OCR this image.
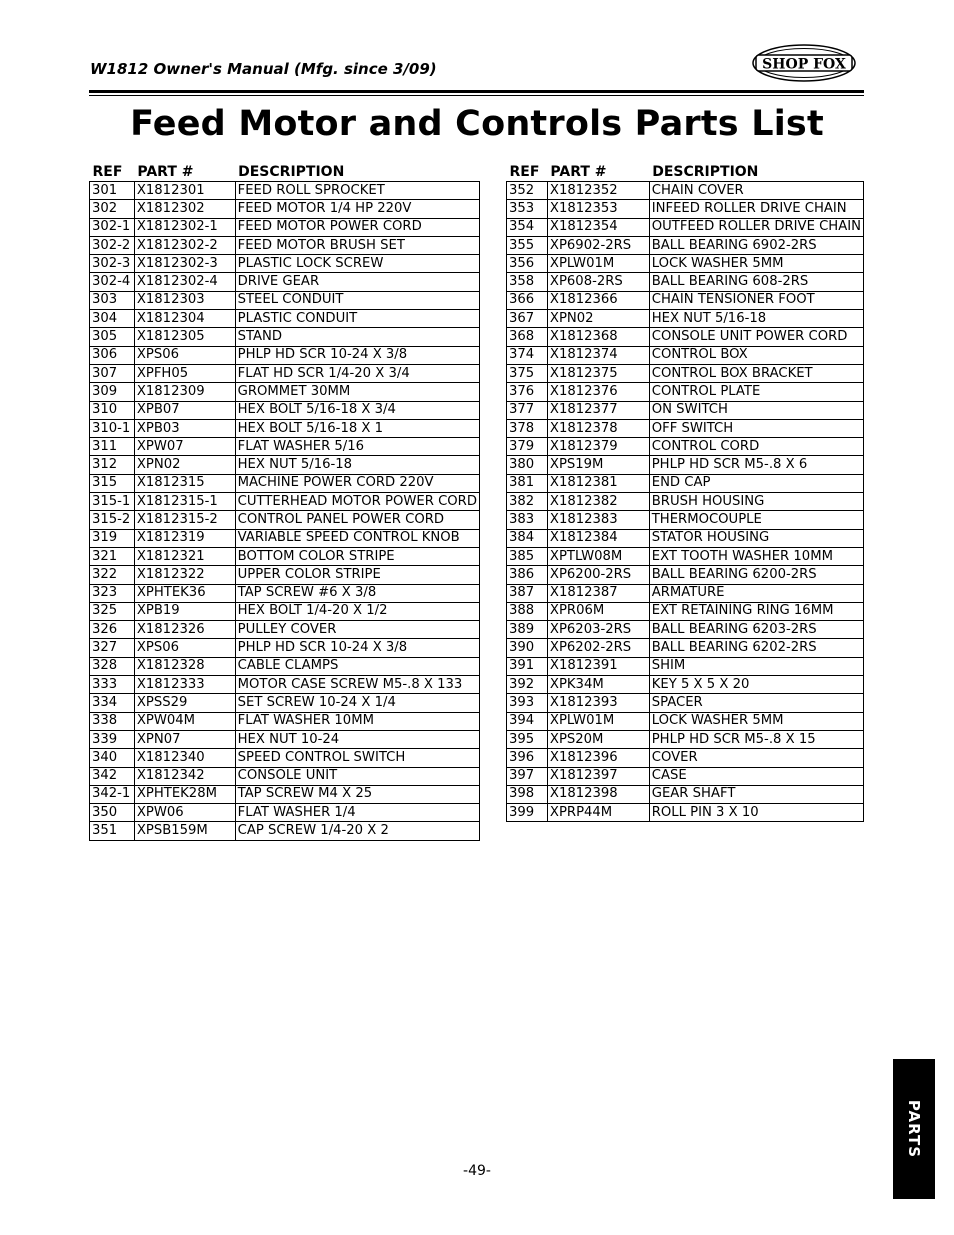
W1812 Owner's Manual (Mfg. since 3/09)	SHOP FOX
Feed Motor and Controls Parts List
REF	PART #	DESCRIPTION
301	X1812301	FEED ROLL SPROCKET
302	X1812302	FEED MOTOR 1/4 HP 220V
302-1	X1812302-1	FEED MOTOR POWER CORD
302-2	X1812302-2	FEED MOTOR BRUSH SET
302-3	X1812302-3	PLASTIC LOCK SCREW
302-4	X1812302-4	DRIVE GEAR
303	X1812303	STEEL CONDUIT
304	X1812304	PLASTIC CONDUIT
305	X1812305	STAND
306	XPS06	PHLP HD SCR 10-24 X 3/8
307	XPFH05	FLAT HD SCR 1/4-20 X 3/4
309	X1812309	GROMMET 30MM
310	XPB07	HEX BOLT 5/16-18 X 3/4
310-1	XPB03	HEX BOLT 5/16-18 X 1
311	XPW07	FLAT WASHER 5/16
312	XPN02	HEX NUT 5/16-18
315	X1812315	MACHINE POWER CORD 220V
315-1	X1812315-1	CUTTERHEAD MOTOR POWER CORD
315-2	X1812315-2	CONTROL PANEL POWER CORD
319	X1812319	VARIABLE SPEED CONTROL KNOB
321	X1812321	BOTTOM COLOR STRIPE
322	X1812322	UPPER COLOR STRIPE
323	XPHTEK36	TAP SCREW #6 X 3/8
325	XPB19	HEX BOLT 1/4-20 X 1/2
326	X1812326	PULLEY COVER
327	XPS06	PHLP HD SCR 10-24 X 3/8
328	X1812328	CABLE CLAMPS
333	X1812333	MOTOR CASE SCREW M5-.8 X 133
334	XPSS29	SET SCREW 10-24 X 1/4
338	XPW04M	FLAT WASHER 10MM
339	XPN07	HEX NUT 10-24
340	X1812340	SPEED CONTROL SWITCH
342	X1812342	CONSOLE UNIT
342-1	XPHTEK28M	TAP SCREW M4 X 25
350	XPW06	FLAT WASHER 1/4
351	XPSB159M	CAP SCREW 1/4-20 X 2
REF	PART #	DESCRIPTION
352	X1812352	CHAIN COVER
353	X1812353	INFEED ROLLER DRIVE CHAIN
354	X1812354	OUTFEED ROLLER DRIVE CHAIN
355	XP6902-2RS	BALL BEARING 6902-2RS
356	XPLW01M	LOCK WASHER 5MM
358	XP608-2RS	BALL BEARING 608-2RS
366	X1812366	CHAIN TENSIONER FOOT
367	XPN02	HEX NUT 5/16-18
368	X1812368	CONSOLE UNIT POWER CORD
374	X1812374	CONTROL BOX
375	X1812375	CONTROL BOX BRACKET
376	X1812376	CONTROL PLATE
377	X1812377	ON SWITCH
378	X1812378	OFF SWITCH
379	X1812379	CONTROL CORD
380	XPS19M	PHLP HD SCR M5-.8 X 6
381	X1812381	END CAP
382	X1812382	BRUSH HOUSING
383	X1812383	THERMOCOUPLE
384	X1812384	STATOR HOUSING
385	XPTLW08M	EXT TOOTH WASHER 10MM
386	XP6200-2RS	BALL BEARING 6200-2RS
387	X1812387	ARMATURE
388	XPR06M	EXT RETAINING RING 16MM
389	XP6203-2RS	BALL BEARING 6203-2RS
390	XP6202-2RS	BALL BEARING 6202-2RS
391	X1812391	SHIM
392	XPK34M	KEY 5 X 5 X 20
393	X1812393	SPACER
394	XPLW01M	LOCK WASHER 5MM
395	XPS20M	PHLP HD SCR M5-.8 X 15
396	X1812396	COVER
397	X1812397	CASE
398	X1812398	GEAR SHAFT
399	XPRP44M	ROLL PIN 3 X 10
-49-
PARTS
